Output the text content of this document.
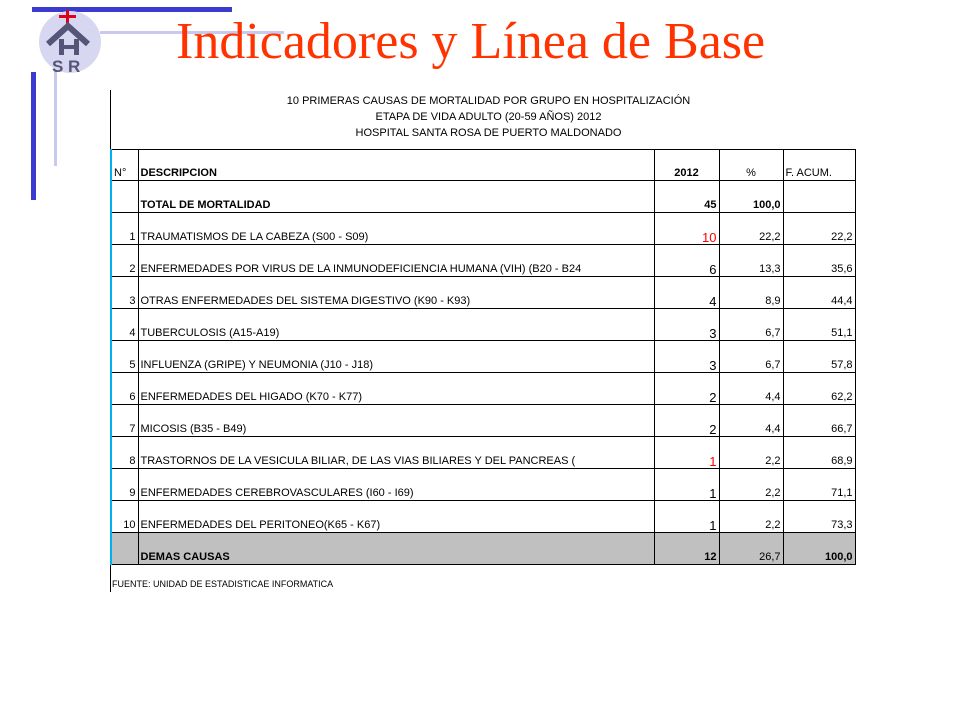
S R Indicadores y Línea de Base
10 PRIMERAS CAUSAS DE MORTALIDAD POR GRUPO EN HOSPITALIZACIÓN
ETAPA DE VIDA ADULTO (20-59 AÑOS) 2012
HOSPITAL SANTA ROSA DE PUERTO MALDONADO
N°	DESCRIPCION	2012	%	F. ACUM.
	TOTAL DE MORTALIDAD	45	100,0	
1	TRAUMATISMOS DE LA CABEZA (S00 - S09)	10	22,2	22,2
2	ENFERMEDADES POR VIRUS DE LA INMUNODEFICIENCIA HUMANA (VIH) (B20 - B24	6	13,3	35,6
3	OTRAS ENFERMEDADES DEL SISTEMA DIGESTIVO (K90 - K93)	4	8,9	44,4
4	TUBERCULOSIS (A15-A19)	3	6,7	51,1
5	INFLUENZA (GRIPE) Y NEUMONIA (J10 - J18)	3	6,7	57,8
6	ENFERMEDADES DEL HIGADO (K70 - K77)	2	4,4	62,2
7	MICOSIS (B35 - B49)	2	4,4	66,7
8	TRASTORNOS DE LA VESICULA BILIAR, DE LAS VIAS BILIARES Y DEL PANCREAS (	1	2,2	68,9
9	ENFERMEDADES CEREBROVASCULARES (I60 - I69)	1	2,2	71,1
10	ENFERMEDADES DEL PERITONEO(K65 - K67)	1	2,2	73,3
	DEMAS CAUSAS	12	26,7	100,0
FUENTE: UNIDAD DE ESTADISTICAE INFORMATICA
